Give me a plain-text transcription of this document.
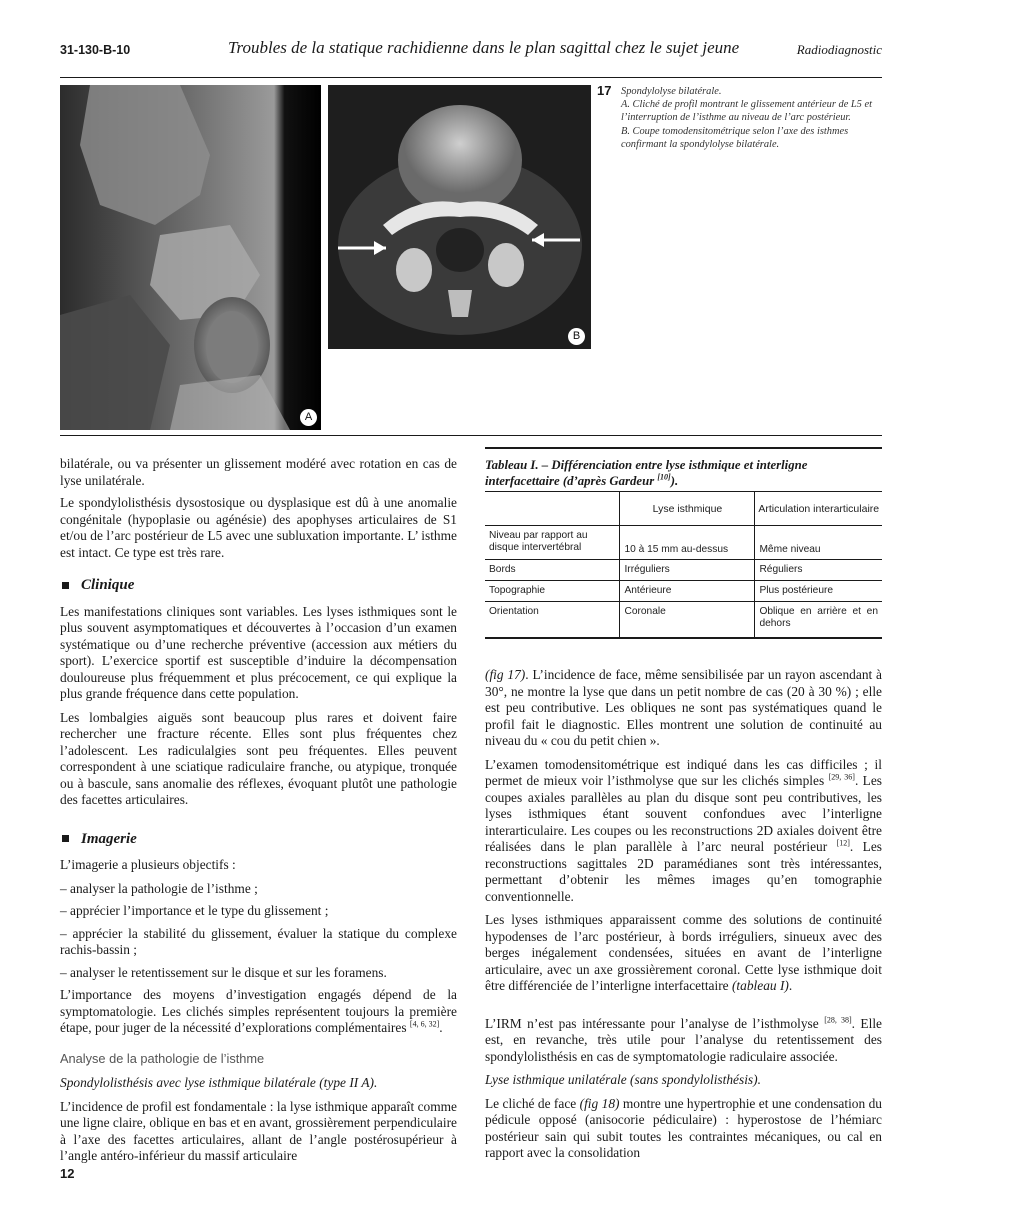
31-130-B-10	Troubles de la statique rachidienne dans le plan sagittal chez le sujet jeune	Radiodiagnostic
A
B
17 Spondylolyse bilatérale.
A. Cliché de profil montrant le glissement antérieur de L5 et l’interruption de l’isthme au niveau de l’arc postérieur.
B. Coupe tomodensitométrique selon l’axe des isthmes confirmant la spondylolyse bilatérale.

bilatérale, ou va présenter un glissement modéré avec rotation en cas de lyse unilatérale.

Le spondylolisthésis dysostosique ou dysplasique est dû à une anomalie congénitale (hypoplasie ou agénésie) des apophyses articulaires de S1 et/ou de l’arc postérieur de L5 avec une subluxation importante. L’ isthme est intact. Ce type est très rare.

Clinique

Les manifestations cliniques sont variables. Les lyses isthmiques sont le plus souvent asymptomatiques et découvertes à l’occasion d’un examen systématique ou d’une recherche préventive (accession aux métiers du sport). L’exercice sportif est susceptible d’induire la décompensation douloureuse plus fréquemment et plus précocement, ce qui explique la plus grande fréquence dans cette population.

Les lombalgies aiguës sont beaucoup plus rares et doivent faire rechercher une fracture récente. Elles sont plus fréquentes chez l’adolescent. Les radiculalgies sont peu fréquentes. Elles peuvent correspondent à une sciatique radiculaire franche, ou atypique, tronquée ou à bascule, sans anomalie des réflexes, évoquant plutôt une pathologie des facettes articulaires.

Imagerie

L’imagerie a plusieurs objectifs :

– analyser la pathologie de l’isthme ;
– apprécier l’importance et le type du glissement ;
– apprécier la stabilité du glissement, évaluer la statique du complexe rachis-bassin ;
– analyser le retentissement sur le disque et sur les foramens.

L’importance des moyens d’investigation engagés dépend de la symptomatologie. Les clichés simples représentent toujours la première étape, pour juger de la nécessité d’explorations complémentaires [4, 6, 32].

Analyse de la pathologie de l’isthme

Spondylolisthésis avec lyse isthmique bilatérale (type II A).

L’incidence de profil est fondamentale : la lyse isthmique apparaît comme une ligne claire, oblique en bas et en avant, grossièrement perpendiculaire à l’axe des facettes articulaires, allant de l’angle postérosupérieur à l’angle antéro-inférieur du massif articulaire

Tableau I. – Différenciation entre lyse isthmique et interligne interfacettaire (d’après Gardeur [10]).
	Lyse isthmique	Articulation interarticulaire
Niveau par rapport au disque intervertébral	10 à 15 mm au-dessus	Même niveau
Bords	Irréguliers	Réguliers
Topographie	Antérieure	Plus postérieure
Orientation	Coronale	Oblique en arrière et en dehors

(fig 17). L’incidence de face, même sensibilisée par un rayon ascendant à 30°, ne montre la lyse que dans un petit nombre de cas (20 à 30 %) ; elle est peu contributive. Les obliques ne sont pas systématiques quand le profil fait le diagnostic. Elles montrent une solution de continuité au niveau du « cou du petit chien ».

L’examen tomodensitométrique est indiqué dans les cas difficiles ; il permet de mieux voir l’isthmolyse que sur les clichés simples [29, 36]. Les coupes axiales parallèles au plan du disque sont peu contributives, les lyses isthmiques étant souvent confondues avec l’interligne interarticulaire. Les coupes ou les reconstructions 2D axiales doivent être réalisées dans le plan parallèle à l’arc neural postérieur [12]. Les reconstructions sagittales 2D paramédianes sont très intéressantes, permettant d’obtenir les mêmes images qu’en tomographie conventionnelle.

Les lyses isthmiques apparaissent comme des solutions de continuité hypodenses de l’arc postérieur, à bords irréguliers, sinueux avec des berges inégalement condensées, situées en avant de l’interligne articulaire, avec un axe grossièrement coronal. Cette lyse isthmique doit être différenciée de l’interligne interfacettaire (tableau I).

L’IRM n’est pas intéressante pour l’analyse de l’isthmolyse [28, 38]. Elle est, en revanche, très utile pour l’analyse du retentissement des spondylolisthésis en cas de symptomatologie radiculaire associée.

Lyse isthmique unilatérale (sans spondylolisthésis).

Le cliché de face (fig 18) montre une hypertrophie et une condensation du pédicule opposé (anisocorie pédiculaire) : hyperostose de l’hémiarc postérieur sain qui subit toutes les contraintes mécaniques, ou cal en rapport avec la consolidation

12
